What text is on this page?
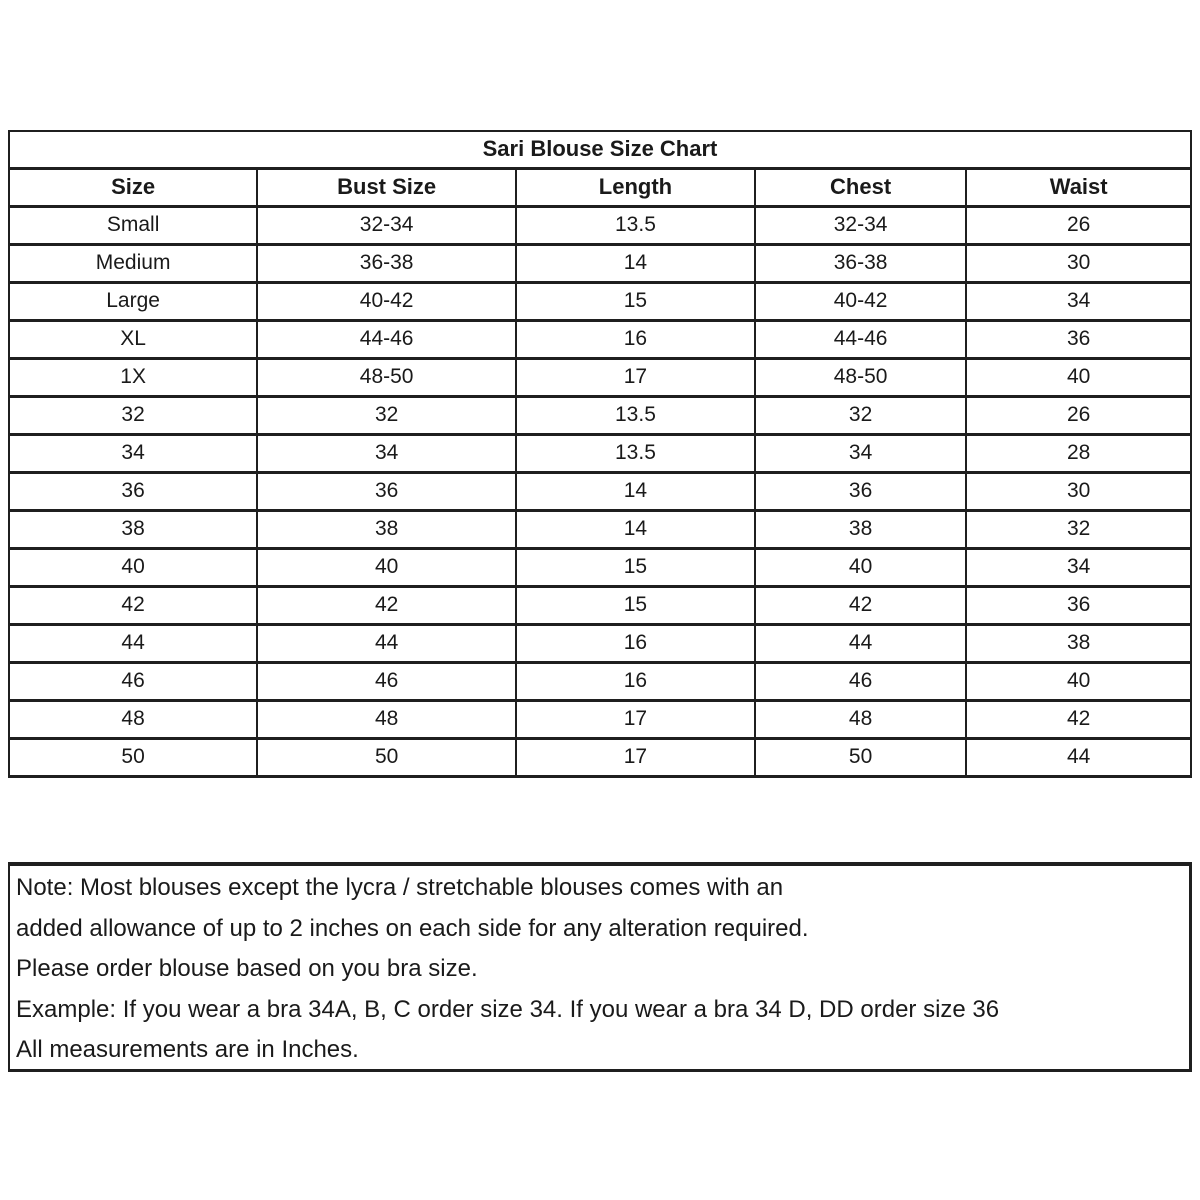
Sari Blouse Size Chart				
Size	Bust Size	Length	Chest	Waist
Small	32-34	13.5	32-34	26
Medium	36-38	14	36-38	30
Large	40-42	15	40-42	34
XL	44-46	16	44-46	36
1X	48-50	17	48-50	40
32	32	13.5	32	26
34	34	13.5	34	28
36	36	14	36	30
38	38	14	38	32
40	40	15	40	34
42	42	15	42	36
44	44	16	44	38
46	46	16	46	40
48	48	17	48	42
50	50	17	50	44

Note: Most blouses except the lycra / stretchable blouses comes with an

added allowance of up to 2 inches on each side for any alteration required.

Please order blouse based on you bra size.

Example: If you wear a bra 34A, B, C order size 34. If you wear a bra 34 D, DD order size 36

All measurements are in Inches.
